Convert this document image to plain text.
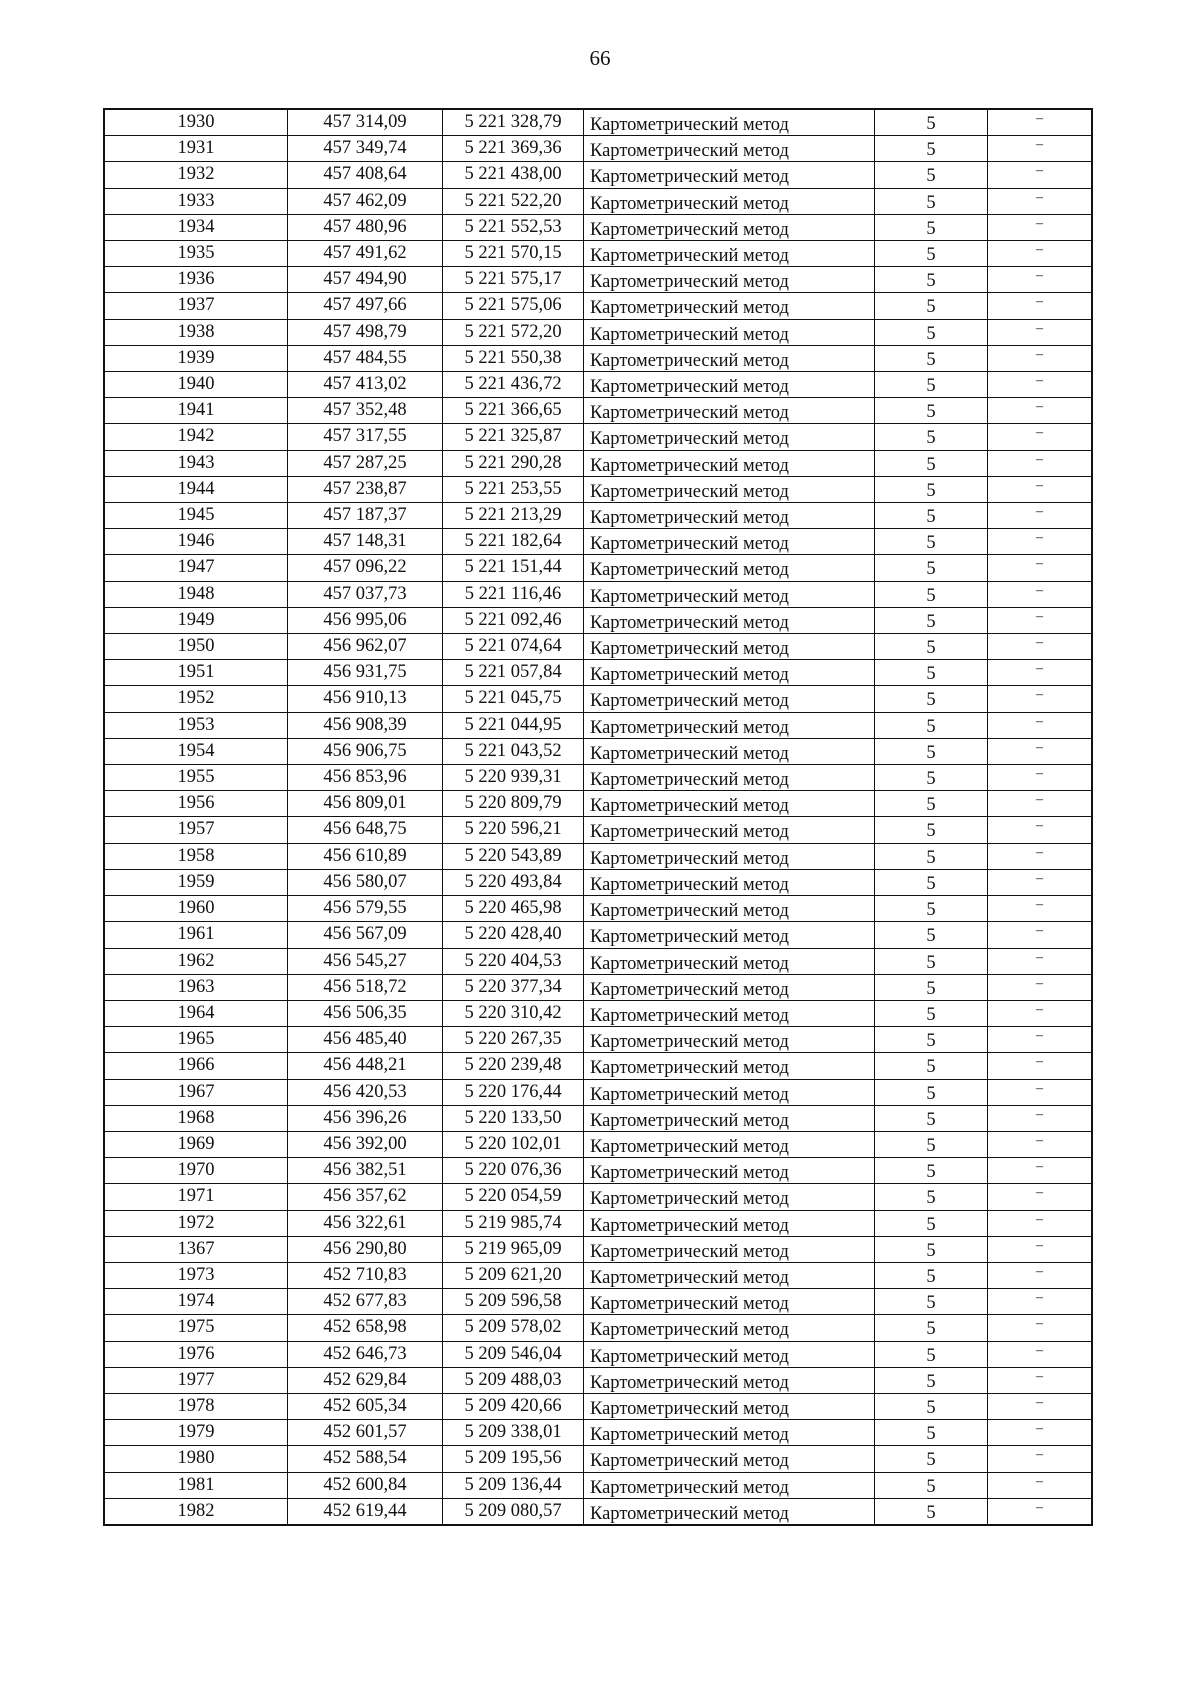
66
1930	457 314,09	5 221 328,79	Картометрический метод	5	–
1931	457 349,74	5 221 369,36	Картометрический метод	5	–
1932	457 408,64	5 221 438,00	Картометрический метод	5	–
1933	457 462,09	5 221 522,20	Картометрический метод	5	–
1934	457 480,96	5 221 552,53	Картометрический метод	5	–
1935	457 491,62	5 221 570,15	Картометрический метод	5	–
1936	457 494,90	5 221 575,17	Картометрический метод	5	–
1937	457 497,66	5 221 575,06	Картометрический метод	5	–
1938	457 498,79	5 221 572,20	Картометрический метод	5	–
1939	457 484,55	5 221 550,38	Картометрический метод	5	–
1940	457 413,02	5 221 436,72	Картометрический метод	5	–
1941	457 352,48	5 221 366,65	Картометрический метод	5	–
1942	457 317,55	5 221 325,87	Картометрический метод	5	–
1943	457 287,25	5 221 290,28	Картометрический метод	5	–
1944	457 238,87	5 221 253,55	Картометрический метод	5	–
1945	457 187,37	5 221 213,29	Картометрический метод	5	–
1946	457 148,31	5 221 182,64	Картометрический метод	5	–
1947	457 096,22	5 221 151,44	Картометрический метод	5	–
1948	457 037,73	5 221 116,46	Картометрический метод	5	–
1949	456 995,06	5 221 092,46	Картометрический метод	5	–
1950	456 962,07	5 221 074,64	Картометрический метод	5	–
1951	456 931,75	5 221 057,84	Картометрический метод	5	–
1952	456 910,13	5 221 045,75	Картометрический метод	5	–
1953	456 908,39	5 221 044,95	Картометрический метод	5	–
1954	456 906,75	5 221 043,52	Картометрический метод	5	–
1955	456 853,96	5 220 939,31	Картометрический метод	5	–
1956	456 809,01	5 220 809,79	Картометрический метод	5	–
1957	456 648,75	5 220 596,21	Картометрический метод	5	–
1958	456 610,89	5 220 543,89	Картометрический метод	5	–
1959	456 580,07	5 220 493,84	Картометрический метод	5	–
1960	456 579,55	5 220 465,98	Картометрический метод	5	–
1961	456 567,09	5 220 428,40	Картометрический метод	5	–
1962	456 545,27	5 220 404,53	Картометрический метод	5	–
1963	456 518,72	5 220 377,34	Картометрический метод	5	–
1964	456 506,35	5 220 310,42	Картометрический метод	5	–
1965	456 485,40	5 220 267,35	Картометрический метод	5	–
1966	456 448,21	5 220 239,48	Картометрический метод	5	–
1967	456 420,53	5 220 176,44	Картометрический метод	5	–
1968	456 396,26	5 220 133,50	Картометрический метод	5	–
1969	456 392,00	5 220 102,01	Картометрический метод	5	–
1970	456 382,51	5 220 076,36	Картометрический метод	5	–
1971	456 357,62	5 220 054,59	Картометрический метод	5	–
1972	456 322,61	5 219 985,74	Картометрический метод	5	–
1367	456 290,80	5 219 965,09	Картометрический метод	5	–
1973	452 710,83	5 209 621,20	Картометрический метод	5	–
1974	452 677,83	5 209 596,58	Картометрический метод	5	–
1975	452 658,98	5 209 578,02	Картометрический метод	5	–
1976	452 646,73	5 209 546,04	Картометрический метод	5	–
1977	452 629,84	5 209 488,03	Картометрический метод	5	–
1978	452 605,34	5 209 420,66	Картометрический метод	5	–
1979	452 601,57	5 209 338,01	Картометрический метод	5	–
1980	452 588,54	5 209 195,56	Картометрический метод	5	–
1981	452 600,84	5 209 136,44	Картометрический метод	5	–
1982	452 619,44	5 209 080,57	Картометрический метод	5	–
